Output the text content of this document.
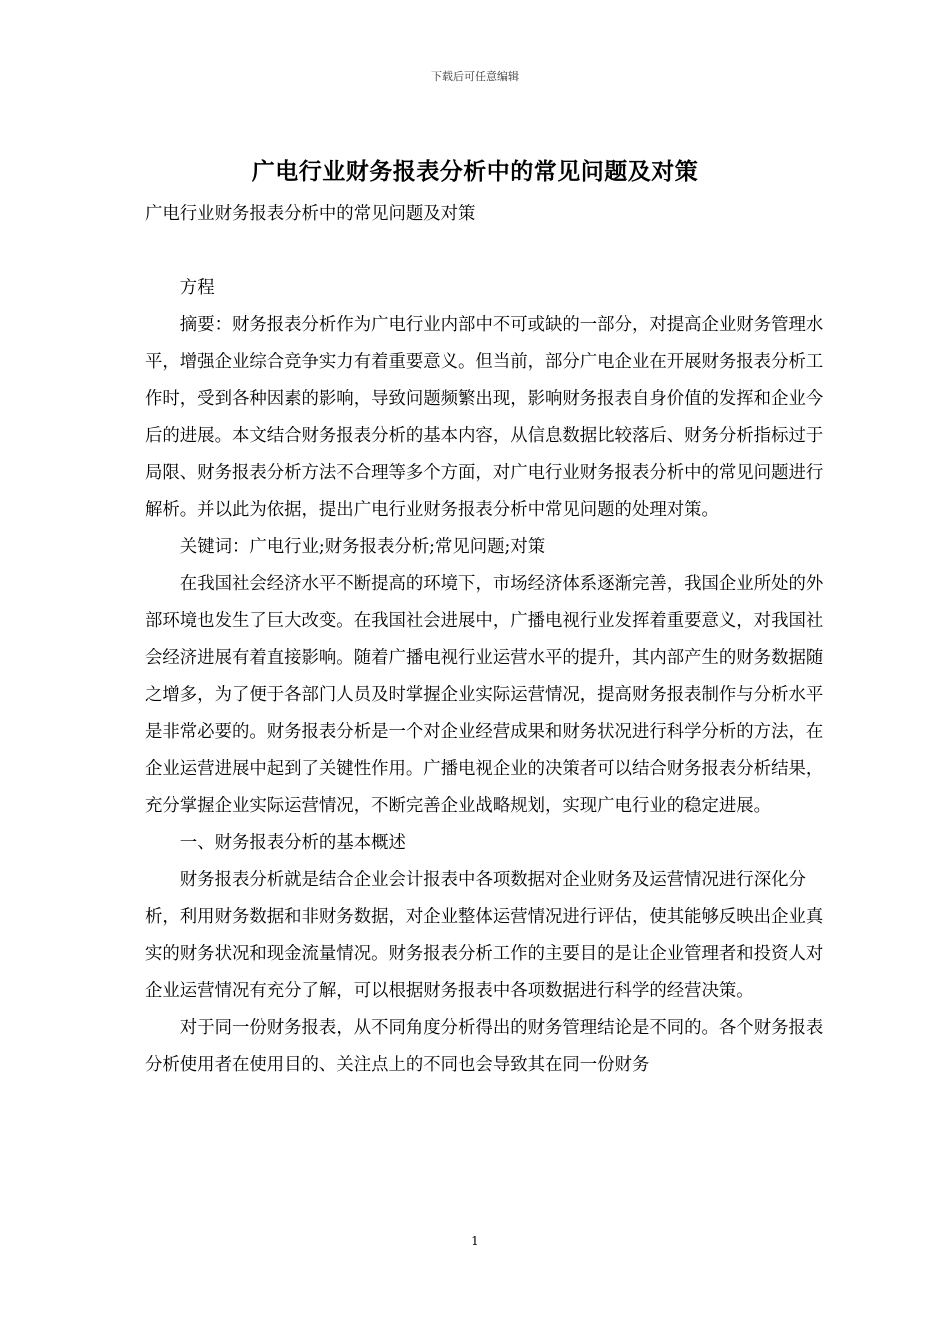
下载后可任意编辑
广电行业财务报表分析中的常见问题及对策

广电行业财务报表分析中的常见问题及对策

方程

摘要：财务报表分析作为广电行业内部中不可或缺的一部分，对提高企业财务管理水平，增强企业综合竞争实力有着重要意义。但当前，部分广电企业在开展财务报表分析工作时，受到各种因素的影响，导致问题频繁出现，影响财务报表自身价值的发挥和企业今后的进展。本文结合财务报表分析的基本内容，从信息数据比较落后、财务分析指标过于局限、财务报表分析方法不合理等多个方面，对广电行业财务报表分析中的常见问题进行解析。并以此为依据，提出广电行业财务报表分析中常见问题的处理对策。

关键词：广电行业;财务报表分析;常见问题;对策

在我国社会经济水平不断提高的环境下，市场经济体系逐渐完善，我国企业所处的外部环境也发生了巨大改变。在我国社会进展中，广播电视行业发挥着重要意义，对我国社会经济进展有着直接影响。随着广播电视行业运营水平的提升，其内部产生的财务数据随之增多，为了便于各部门人员及时掌握企业实际运营情况，提高财务报表制作与分析水平是非常必要的。财务报表分析是一个对企业经营成果和财务状况进行科学分析的方法，在企业运营进展中起到了关键性作用。广播电视企业的决策者可以结合财务报表分析结果，充分掌握企业实际运营情况，不断完善企业战略规划，实现广电行业的稳定进展。

一、财务报表分析的基本概述

财务报表分析就是结合企业会计报表中各项数据对企业财务及运营情况进行深化分析，利用财务数据和非财务数据，对企业整体运营情况进行评估，使其能够反映出企业真实的财务状况和现金流量情况。财务报表分析工作的主要目的是让企业管理者和投资人对企业运营情况有充分了解，可以根据财务报表中各项数据进行科学的经营决策。

对于同一份财务报表，从不同角度分析得出的财务管理结论是不同的。各个财务报表分析使用者在使用目的、关注点上的不同也会导致其在同一份财务

1
